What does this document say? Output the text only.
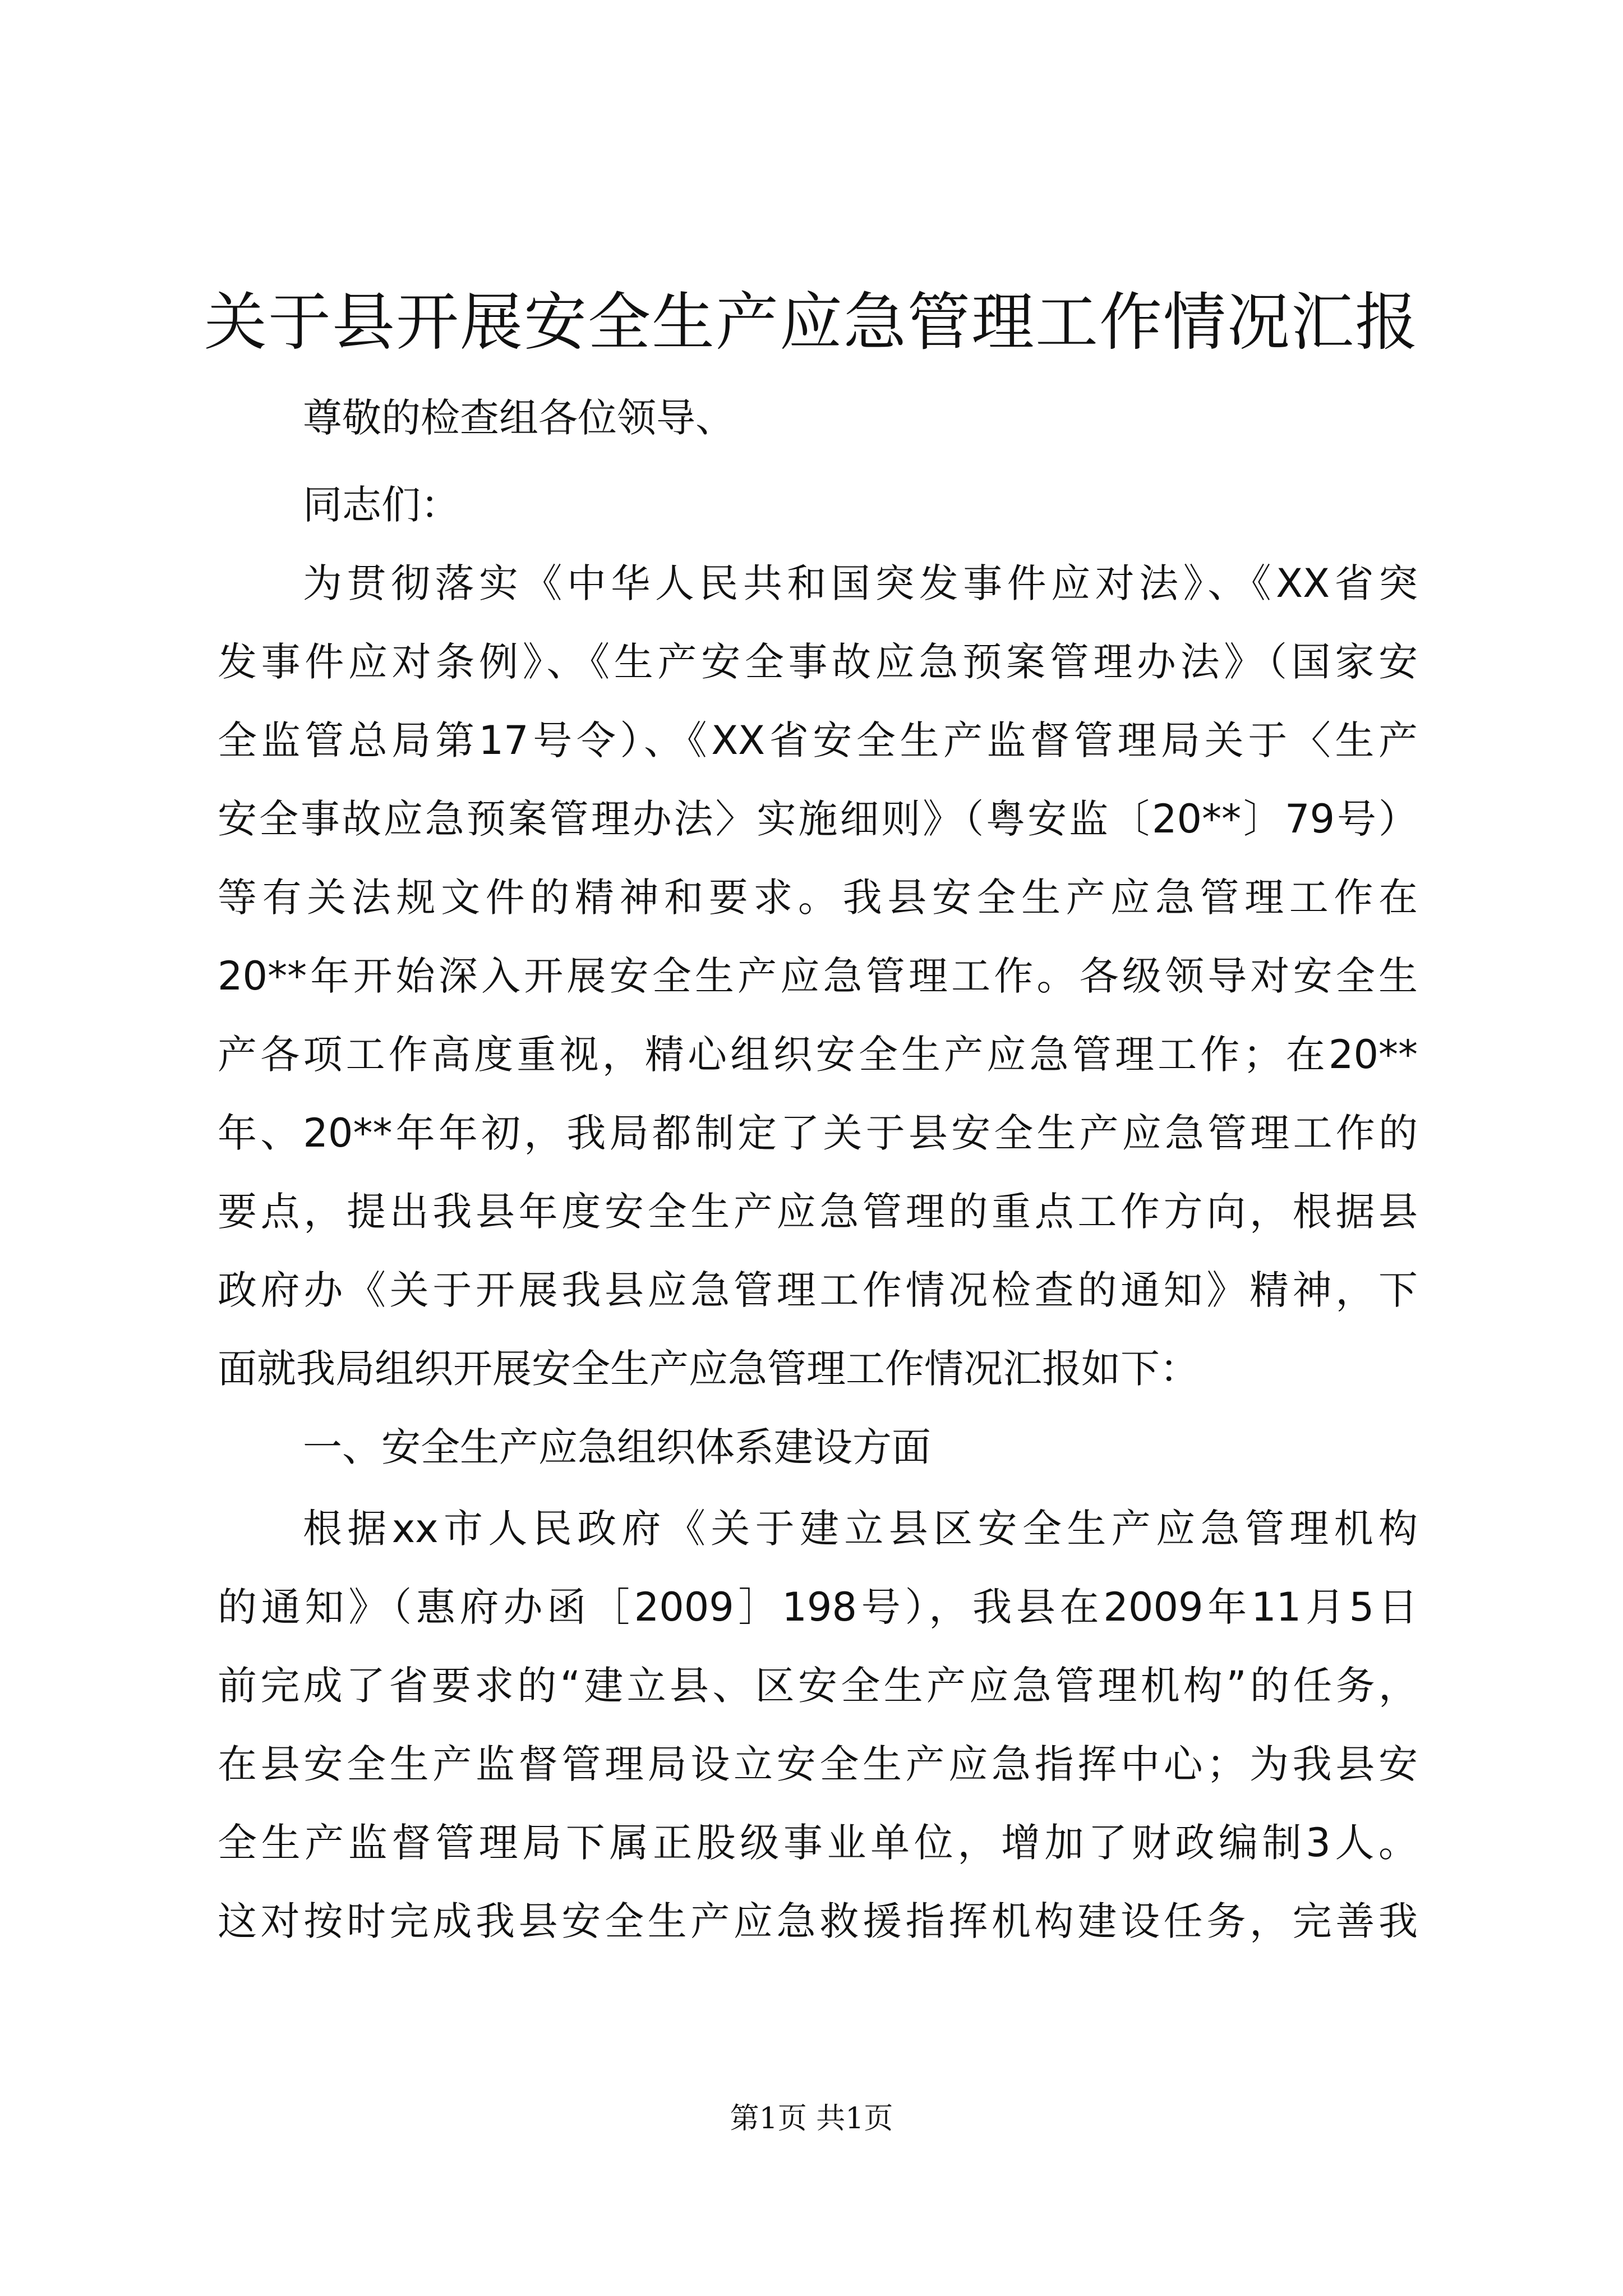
关于县开展安全生产应急管理工作情况汇报
尊敬的检查组各位领导、
同志们：
为贯彻落实《中华人民共和国突发事件应对法》、《XX省突
发事件应对条例》、《生产安全事故应急预案管理办法》（国家安
全监管总局第17号令）、《XX省安全生产监督管理局关于〈生产
安全事故应急预案管理办法〉实施细则》（粤安监〔20**〕79号）
等有关法规文件的精神和要求。我县安全生产应急管理工作在
20**年开始深入开展安全生产应急管理工作。各级领导对安全生
产各项工作高度重视，精心组织安全生产应急管理工作；在20**
年、20**年年初，我局都制定了关于县安全生产应急管理工作的
要点，提出我县年度安全生产应急管理的重点工作方向，根据县
政府办《关于开展我县应急管理工作情况检查的通知》精神，下
面就我局组织开展安全生产应急管理工作情况汇报如下：
一、安全生产应急组织体系建设方面
根据xx市人民政府《关于建立县区安全生产应急管理机构
的通知》（惠府办函［2009］198号），我县在2009年11月5日
前完成了省要求的“建立县、区安全生产应急管理机构”的任务，
在县安全生产监督管理局设立安全生产应急指挥中心；为我县安
全生产监督管理局下属正股级事业单位，增加了财政编制3人。
这对按时完成我县安全生产应急救援指挥机构建设任务，完善我
第1页 共1页
